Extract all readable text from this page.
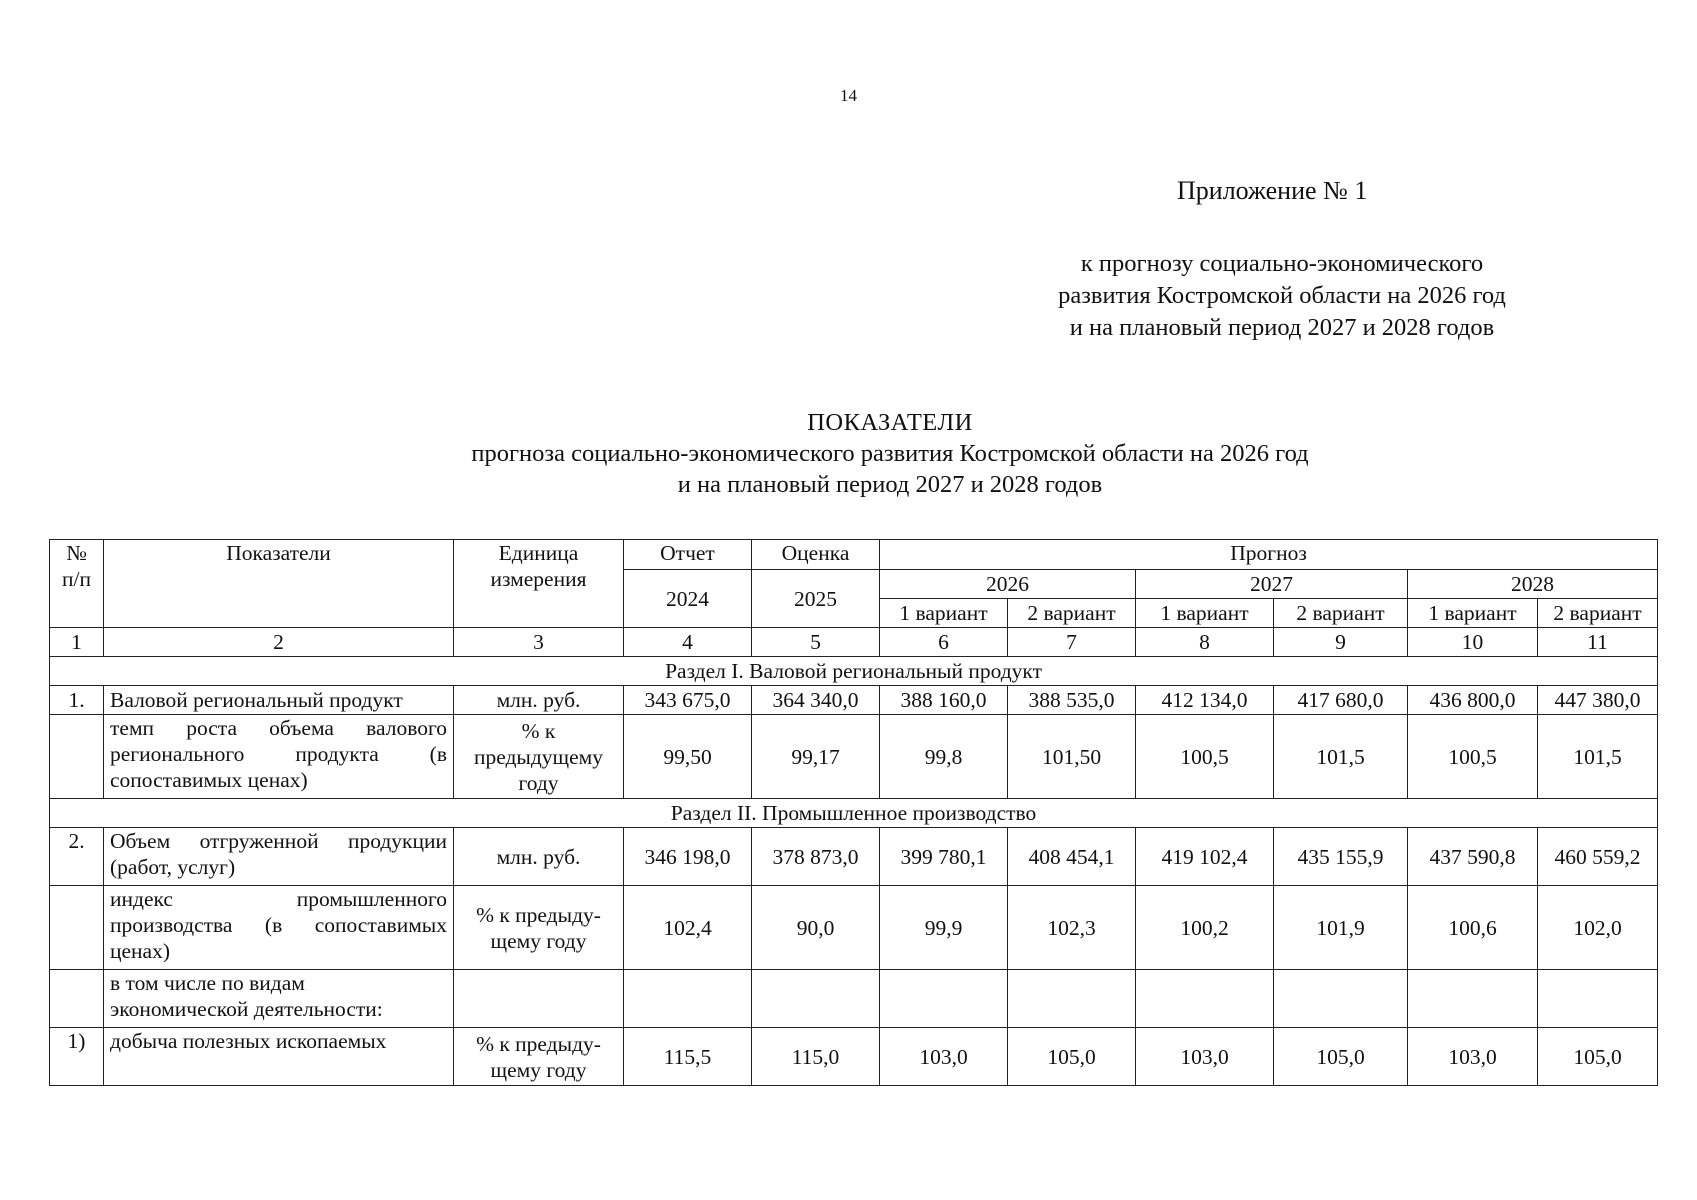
14
Приложение № 1
к прогнозу социально-экономического
развития Костромской области на 2026 год
и на плановый период 2027 и 2028 годов
ПОКАЗАТЕЛИ
прогноза социально-экономического развития Костромской области на 2026 год
и на плановый период 2027 и 2028 годов
№ п/п	Показатели	Единица измерения	Отчет	Оценка	Прогноз					
			2024	2025	2026		2027		2028	
					1 вариант	2 вариант	1 вариант	2 вариант	1 вариант	2 вариант
1	2	3	4	5	6	7	8	9	10	11
Раздел I. Валовой региональный продукт										
1.	Валовой региональный продукт	млн. руб.	343 675,0	364 340,0	388 160,0	388 535,0	412 134,0	417 680,0	436 800,0	447 380,0
	темп роста объема валового регионального продукта (в сопоставимых ценах)	% к предыдущему году	99,50	99,17	99,8	101,50	100,5	101,5	100,5	101,5
Раздел II. Промышленное производство										
2.	Объем отгруженной продукции (работ, услуг)	млн. руб.	346 198,0	378 873,0	399 780,1	408 454,1	419 102,4	435 155,9	437 590,8	460 559,2
	индекс промышленного производства (в сопоставимых ценах)	% к предыду-щему году	102,4	90,0	99,9	102,3	100,2	101,9	100,6	102,0
	в том числе по видам экономической деятельности:									
1)	добыча полезных ископаемых	% к предыду-щему году	115,5	115,0	103,0	105,0	103,0	105,0	103,0	105,0
